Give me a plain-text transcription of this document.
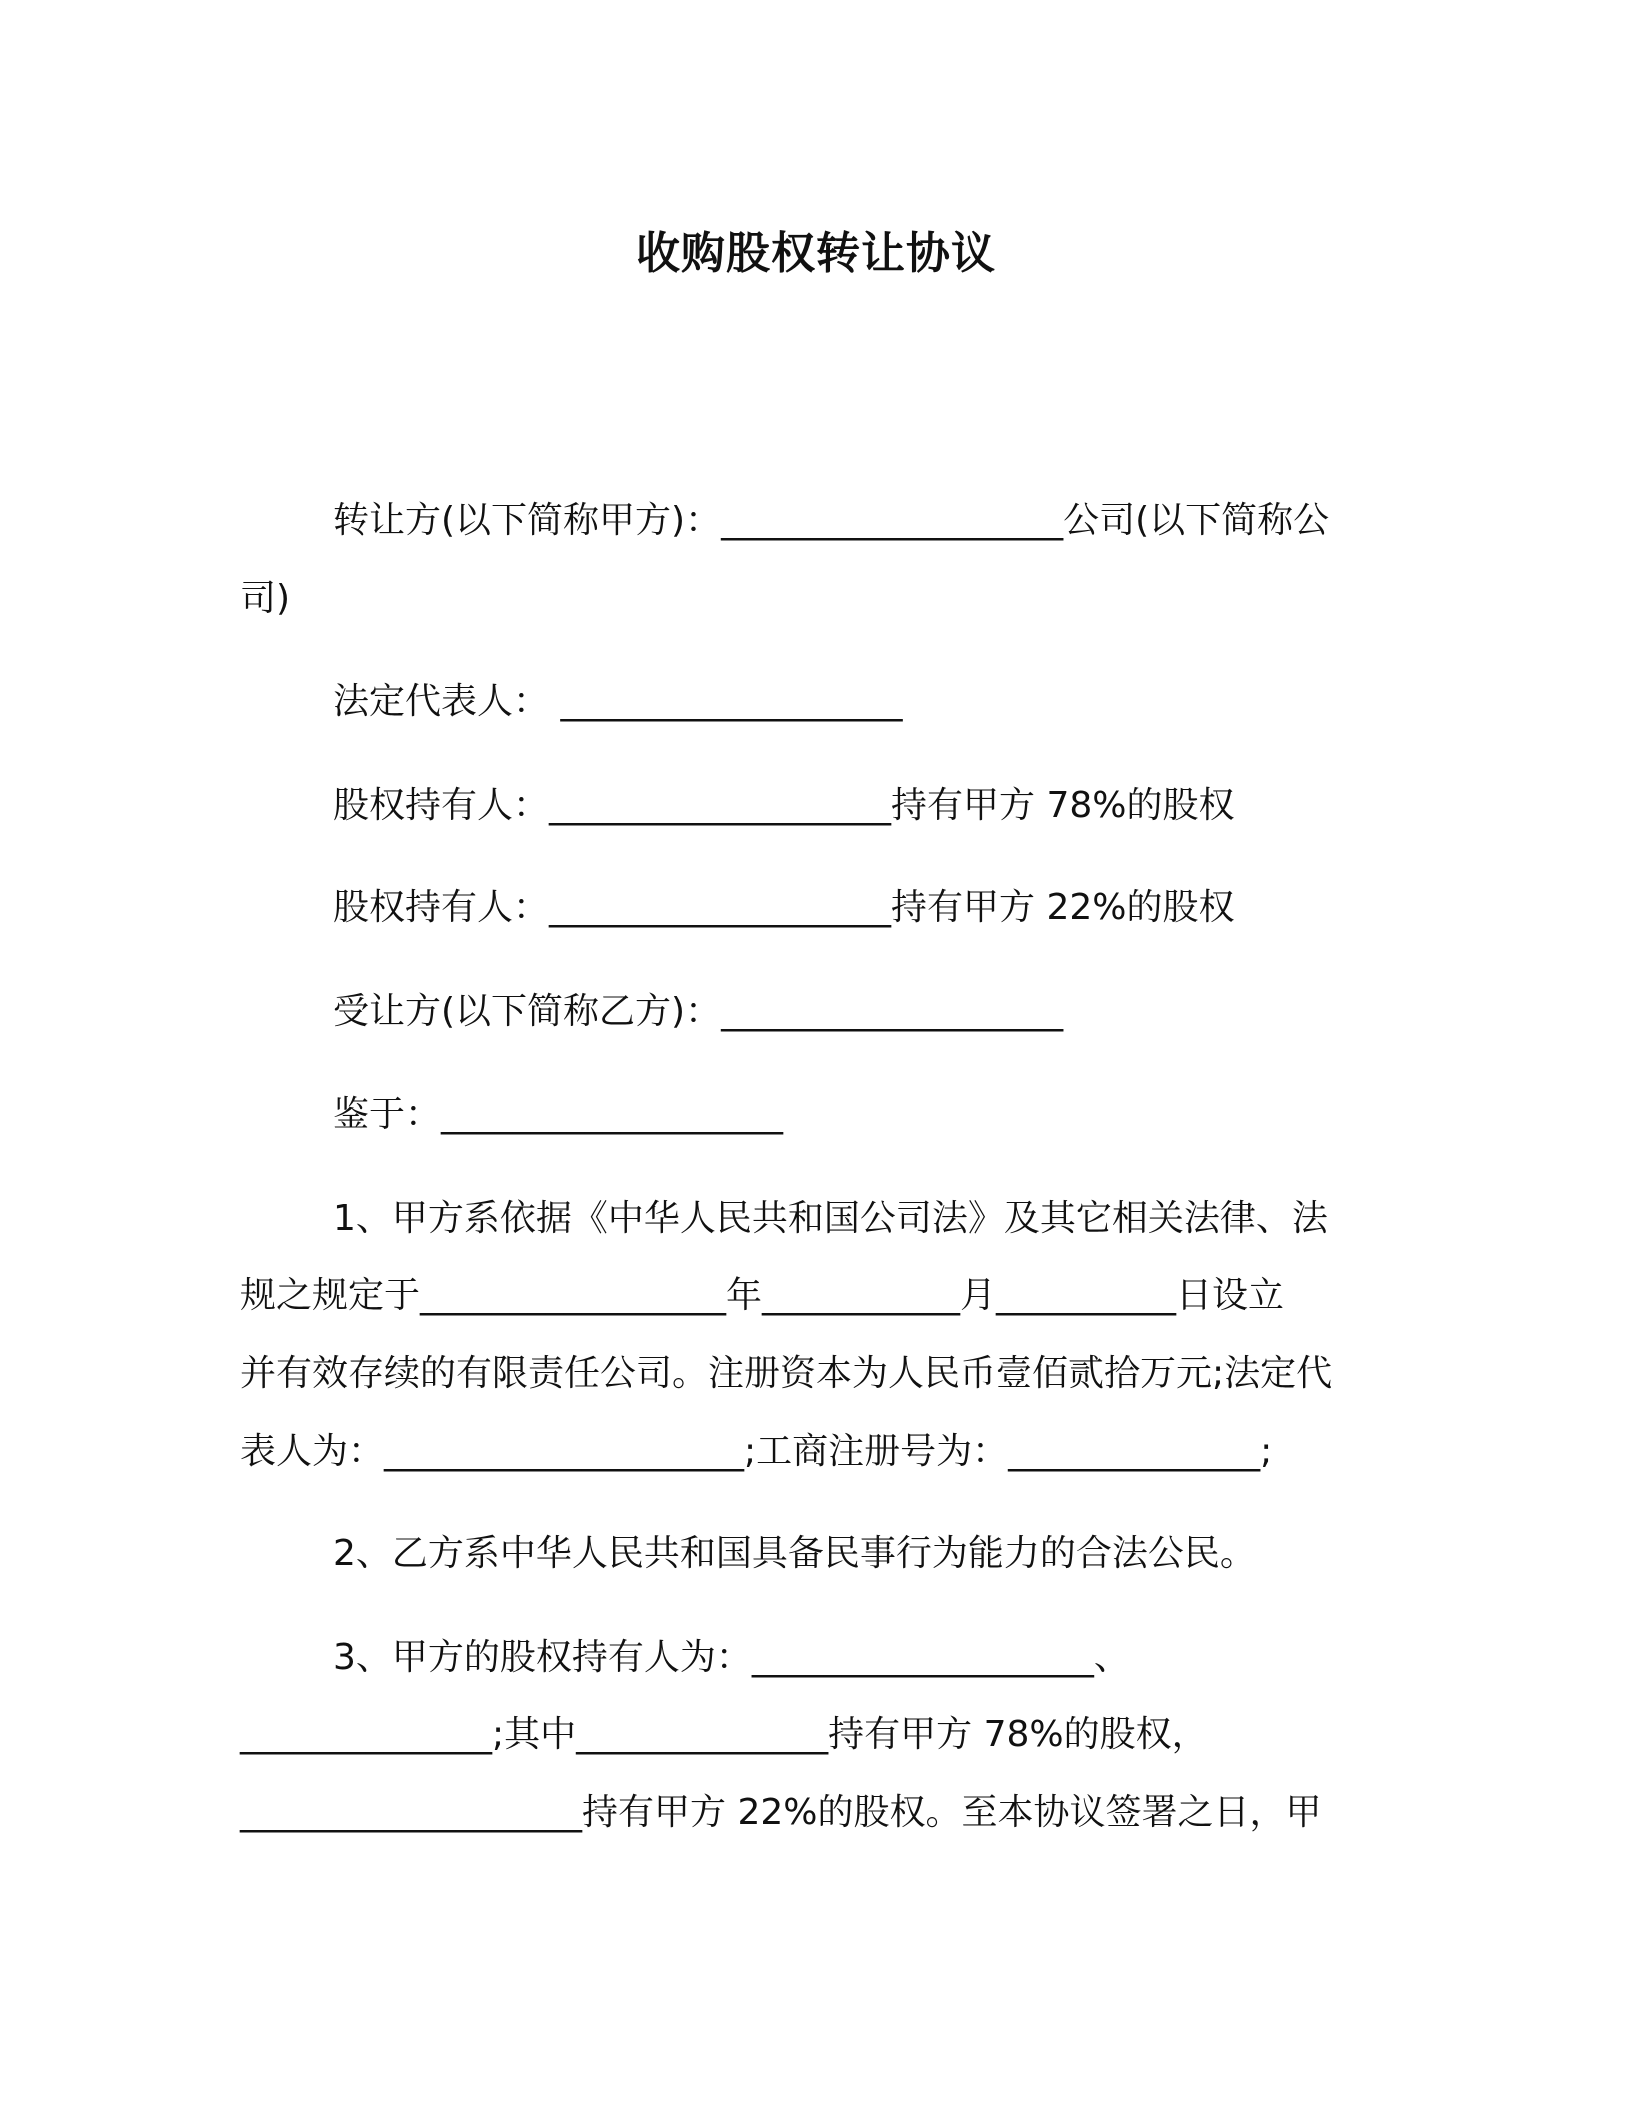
收购股权转让协议
转让方(以下简称甲方)：___________________公司(以下简称公
司)
法定代表人： ___________________
股权持有人：___________________持有甲方 78%的股权
股权持有人：___________________持有甲方 22%的股权
受让方(以下简称乙方)：___________________
鉴于：___________________
1、甲方系依据《中华人民共和国公司法》及其它相关法律、法
规之规定于_________________年___________月__________日设立
并有效存续的有限责任公司。注册资本为人民币壹佰贰拾万元;法定代
表人为：____________________;工商注册号为：______________;
2、乙方系中华人民共和国具备民事行为能力的合法公民。
3、甲方的股权持有人为：___________________、
______________;其中______________持有甲方 78%的股权，
___________________持有甲方 22%的股权。至本协议签署之日，甲
